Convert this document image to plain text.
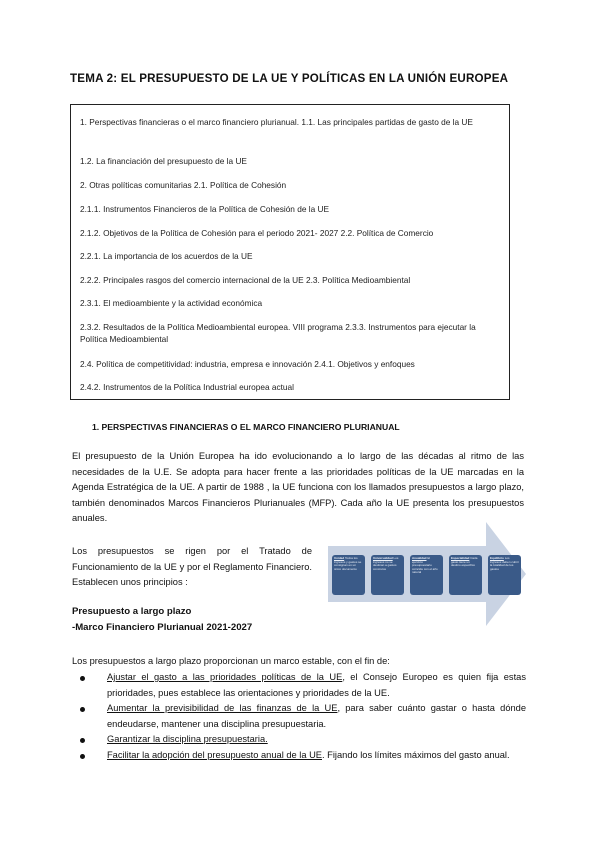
TEMA 2: EL PRESUPUESTO DE LA UE Y POLÍTICAS EN LA UNIÓN EUROPEA
1. Perspectivas financieras o el marco financiero plurianual. 1.1. Las principales partidas de gasto de la UE
1.2. La financiación del presupuesto de la UE
2. Otras políticas comunitarias 2.1. Política de Cohesión
2.1.1. Instrumentos Financieros de la Política de Cohesión de la UE
2.1.2. Objetivos de la Política de Cohesión para el periodo 2021- 2027 2.2. Política de Comercio
2.2.1. La importancia de los acuerdos de la UE
2.2.2. Principales rasgos del comercio internacional de la UE 2.3. Política Medioambiental
2.3.1. El medioambiente y la actividad económica
2.3.2. Resultados de la Política Medioambiental europea. VIII programa 2.3.3. Instrumentos para ejecutar la Política Medioambiental
2.4. Política de competitividad: industria, empresa e innovación 2.4.1. Objetivos y enfoques
2.4.2. Instrumentos de la Política Industrial europea actual
1. PERSPECTIVAS FINANCIERAS O EL MARCO FINANCIERO PLURIANUAL
El presupuesto de la Unión Europea ha ido evolucionando a lo largo de las décadas al ritmo de las necesidades de la U.E. Se adopta para hacer frente a las prioridades políticas de la UE marcadas en la Agenda Estratégica de la UE. A partir de 1988 , la UE funciona con los llamados presupuestos a largo plazo, también denominados Marcos Financieros Plurianuales (MFP). Cada año la UE presenta los presupuestos anuales.
Los presupuestos se rigen por el Tratado de Funcionamiento de la UE y por el Reglamento Financiero. Establecen unos principios :
Presupuesto a largo plazo
-Marco Financiero Plurianual 2021-2027
Los presupuestos a largo plazo proporcionan un marco estable, con el fin de:
Ajustar el gasto a las prioridades políticas de la UE, el Consejo Europeo es quien fija estas prioridades, pues establece las orientaciones y prioridades de la UE.
Aumentar la previsibilidad de las finanzas de la UE, para saber cuánto gastar o hasta dónde endeudarse, mantener una disciplina presupuestaria.
Garantizar la disciplina presupuestaria.
Facilitar la adopción del presupuesto anual de la UE. Fijando los límites máximos del gasto anual.
Unidad Todos los ingresos y gastos se consignan en un único documento
Universalidad Los ingresos no se destinan a gastos concretos
Anualidad El ejercicio presupuestario coincide con el año natural
Especialidad Cada gasto tiene un destino específico
Equilibrio Los ingresos deben cubrir la totalidad de los gastos
